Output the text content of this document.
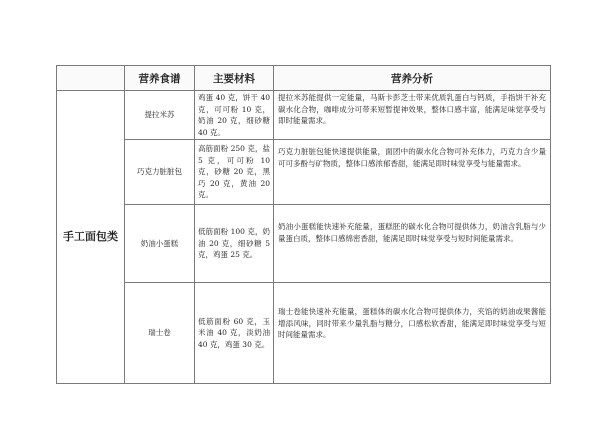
	营养食谱	主要材料	营养分析
手工面包类	提拉米苏	鸡蛋 40 克，饼干 40 克，可可粉 10 克，奶油 20 克，细砂糖 40 克。	提拉米苏能提供一定能量，马斯卡彭芝士带来优质乳蛋白与钙质，手指饼干补充碳水化合物，咖啡成分可带来短暂提神效果，整体口感丰富，能满足味觉享受与即时能量需求。
	巧克力脏脏包	高筋面粉 250 克，盐 5 克，可可粉 10 克，砂糖 20 克，黑巧 20 克，黄油 20 克。	巧克力脏脏包能快速提供能量，面团中的碳水化合物可补充体力，巧克力含少量可可多酚与矿物质，整体口感浓郁香甜，能满足即时味觉享受与能量需求。
	奶油小蛋糕	低筋面粉 100 克，奶油 20 克，细砂糖 5 克，鸡蛋 25 克。	奶油小蛋糕能快速补充能量，蛋糕胚的碳水化合物可提供体力，奶油含乳脂与少量蛋白质，整体口感绵密香甜，能满足即时味觉享受与短时间能量需求。
	瑞士卷	低筋面粉 60 克，玉米油 40 克，淡奶油 40 克，鸡蛋 30 克。	瑞士卷能快速补充能量，蛋糕体的碳水化合物可提供体力，夹馅的奶油或果酱能增添风味，同时带来少量乳脂与糖分，口感松软香甜，能满足即时味觉享受与短时间能量需求。
